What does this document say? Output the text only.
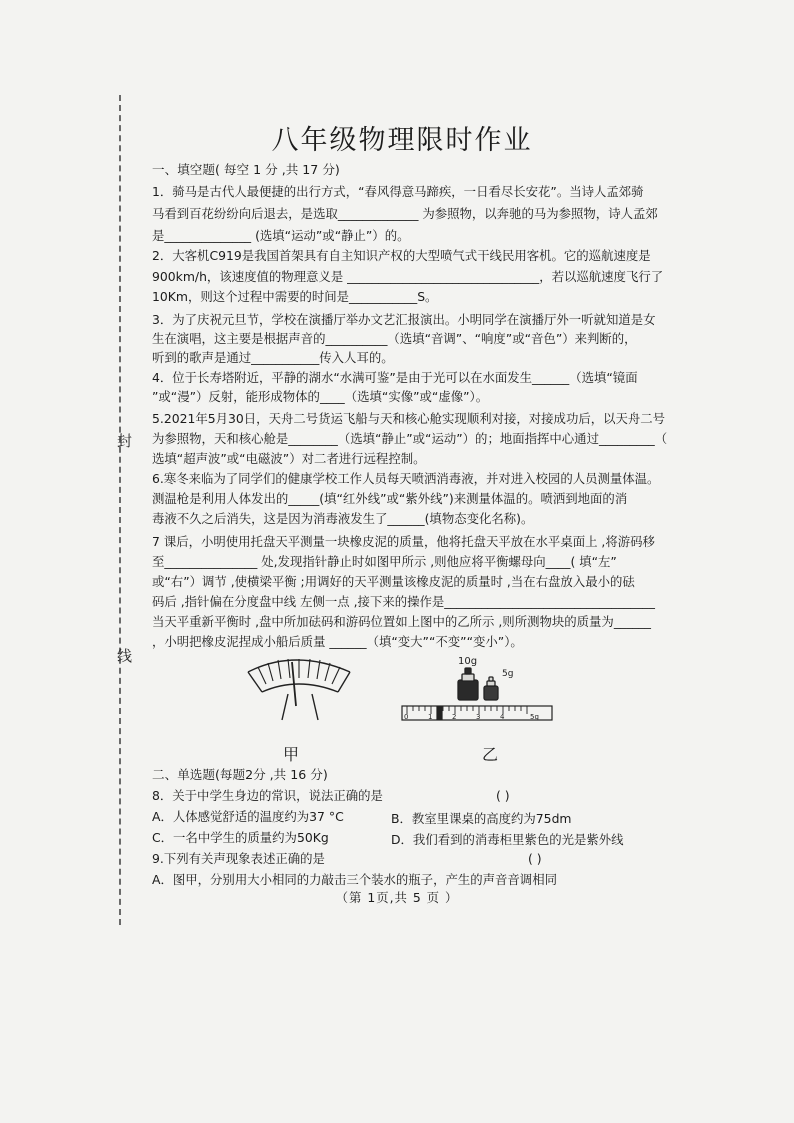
封
线
八年级物理限时作业
一、填空题( 每空 1 分 ,共 17 分)
1．骑马是古代人最便捷的出行方式，“春风得意马蹄疾，一日看尽长安花”。当诗人孟郊骑
马看到百花纷纷向后退去，是选取_____________ 为参照物，以奔驰的马为参照物，诗人孟郊
是______________ (选填“运动”或“静止”）的。
2．大客机C919是我国首架具有自主知识产权的大型喷气式干线民用客机。它的巡航速度是
900km/h，该速度值的物理意义是 _______________________________，若以巡航速度飞行了
10Km，则这个过程中需要的时间是___________S。
3．为了庆祝元旦节，学校在演播厅举办文艺汇报演出。小明同学在演播厅外一听就知道是女
生在演唱，这主要是根据声音的__________（选填“音调”、“响度”或“音色”）来判断的，
听到的歌声是通过___________传入人耳的。
4．位于长寿塔附近，平静的湖水“水满可鉴”是由于光可以在水面发生______（选填“镜面
”或“漫”）反射，能形成物体的____（选填“实像”或“虚像”）。
5.2021年5月30日，天舟二号货运飞船与天和核心舱实现顺利对接，对接成功后，以天舟二号
为参照物，天和核心舱是________（选填“静止”或“运动”）的；地面指挥中心通过_________（
选填“超声波”或“电磁波”）对二者进行远程控制。
6.寒冬来临为了同学们的健康学校工作人员每天喷洒消毒液，并对进入校园的人员测量体温。
测温枪是利用人体发出的_____(填“红外线”或“紫外线”)来测量体温的。喷洒到地面的消
毒液不久之后消失，这是因为消毒液发生了______(填物态变化名称)。
7 课后，小明使用托盘天平测量一块橡皮泥的质量，他将托盘天平放在水平桌面上 ,将游码移
至_______________ 处,发现指针静止时如图甲所示 ,则他应将平衡螺母向____( 填“左”
或“右”）调节 ,使横梁平衡 ;用调好的天平测量该橡皮泥的质量时 ,当在右盘放入最小的砝
码后 ,指针偏在分度盘中线 左侧一点 ,接下来的操作是__________________________________
当天平重新平衡时 ,盘中所加砝码和游码位置如上图中的乙所示 ,则所测物块的质量为______
，小明把橡皮泥捏成小船后质量 ______（填“变大”“不变”“变小”）。
10g
5g
0	1	2	3	4	5g
甲	乙
二、单选题(每题2分 ,共 16 分)
8．关于中学生身边的常识，说法正确的是	( )
A．人体感觉舒适的温度约为37 °C	B．教室里课桌的高度约为75dm
C．一名中学生的质量约为50Kg	D．我们看到的消毒柜里紫色的光是紫外线
9.下列有关声现象表述正确的是	( )
A．图甲，分别用大小相同的力敲击三个装水的瓶子，产生的声音音调相同
（第 1页,共 5 页 ）
